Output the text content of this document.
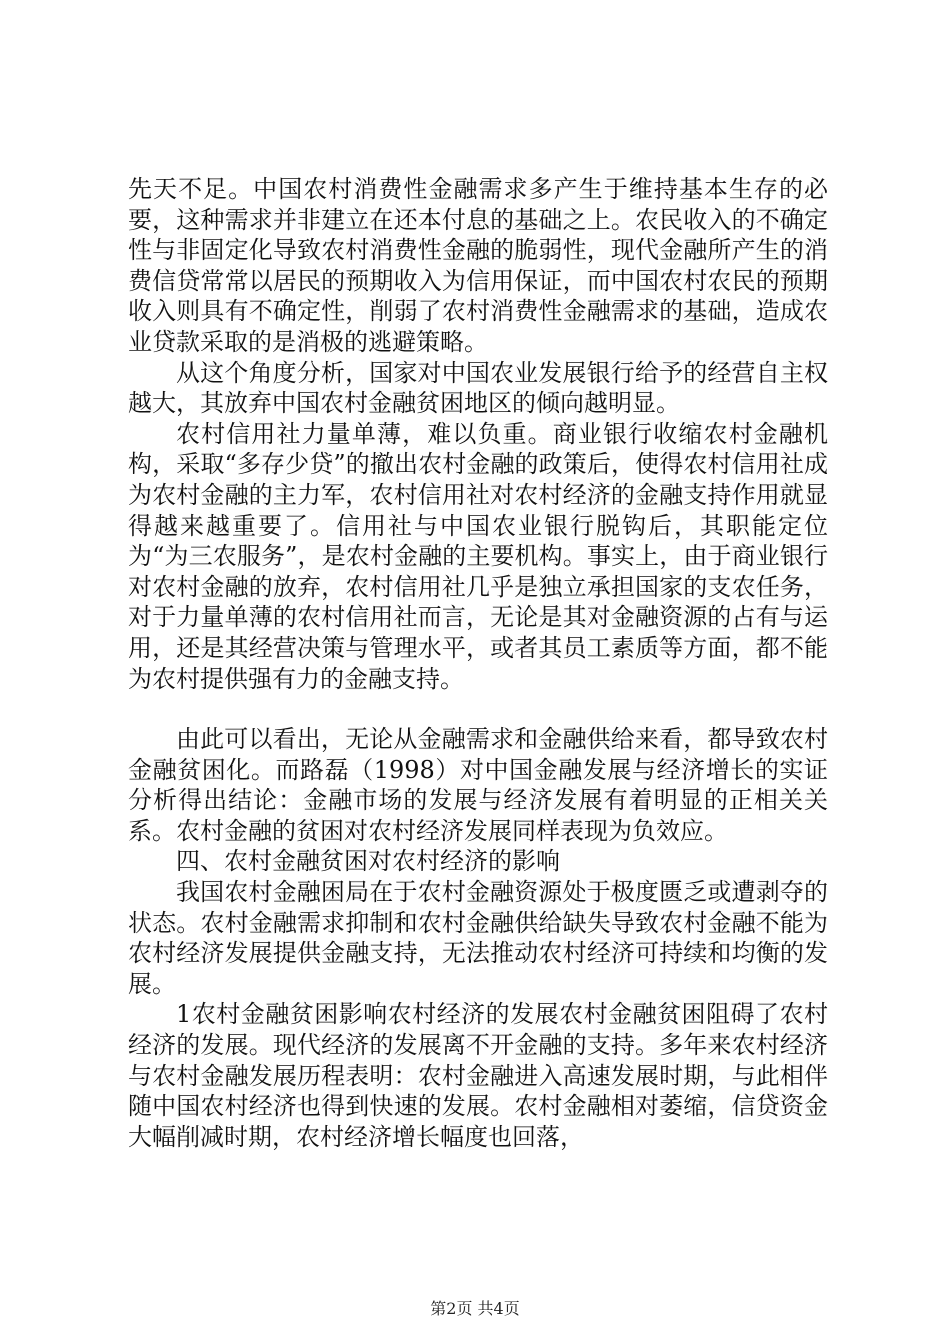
先天不足。中国农村消费性金融需求多产生于维持基本生存的必要，这种需求并非建立在还本付息的基础之上。农民收入的不确定性与非固定化导致农村消费性金融的脆弱性，现代金融所产生的消费信贷常常以居民的预期收入为信用保证，而中国农村农民的预期收入则具有不确定性，削弱了农村消费性金融需求的基础，造成农业贷款采取的是消极的逃避策略。

从这个角度分析，国家对中国农业发展银行给予的经营自主权越大，其放弃中国农村金融贫困地区的倾向越明显。

农村信用社力量单薄，难以负重。商业银行收缩农村金融机构，采取“多存少贷”的撤出农村金融的政策后，使得农村信用社成为农村金融的主力军，农村信用社对农村经济的金融支持作用就显得越来越重要了。信用社与中国农业银行脱钩后，其职能定位为“为三农服务”，是农村金融的主要机构。事实上，由于商业银行对农村金融的放弃，农村信用社几乎是独立承担国家的支农任务，对于力量单薄的农村信用社而言，无论是其对金融资源的占有与运用，还是其经营决策与管理水平，或者其员工素质等方面，都不能为农村提供强有力的金融支持。

由此可以看出，无论从金融需求和金融供给来看，都导致农村金融贫困化。而路磊（1998）对中国金融发展与经济增长的实证分析得出结论：金融市场的发展与经济发展有着明显的正相关关系。农村金融的贫困对农村经济发展同样表现为负效应。

四、农村金融贫困对农村经济的影响

我国农村金融困局在于农村金融资源处于极度匮乏或遭剥夺的状态。农村金融需求抑制和农村金融供给缺失导致农村金融不能为农村经济发展提供金融支持，无法推动农村经济可持续和均衡的发展。

1农村金融贫困影响农村经济的发展农村金融贫困阻碍了农村经济的发展。现代经济的发展离不开金融的支持。多年来农村经济与农村金融发展历程表明：农村金融进入高速发展时期，与此相伴随中国农村经济也得到快速的发展。农村金融相对萎缩，信贷资金大幅削减时期，农村经济增长幅度也回落，

第2页 共4页
